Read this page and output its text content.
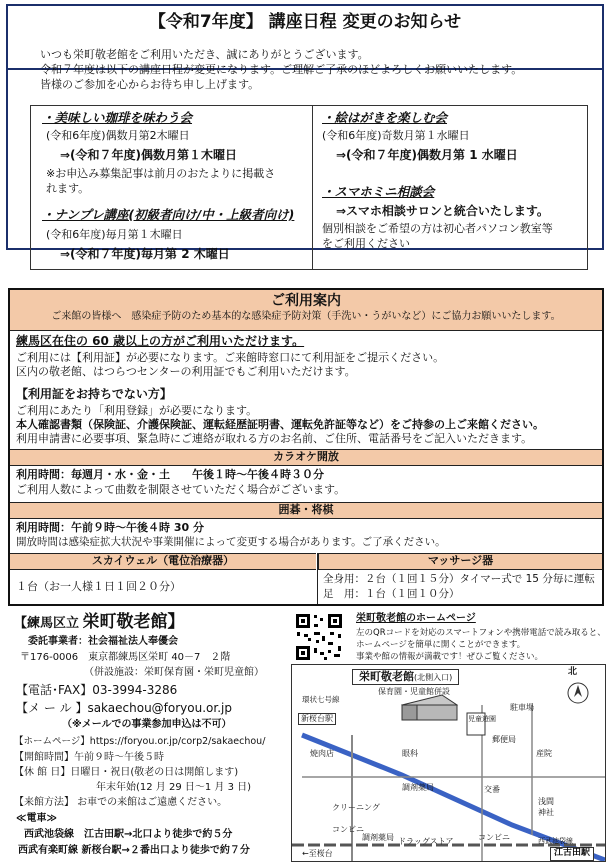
【令和7年度】 講座日程 変更のお知らせ
いつも栄町敬老館をご利用いただき、誠にありがとうございます。
令和７年度は以下の講座日程が変更になります。ご理解ご了承のほどよろしくお願いいたします。
皆様のご参加を心からお待ち申し上げます。
・美味しい珈琲を味わう会
(令和6年度)偶数月第2木曜日
⇒(令和７年度)偶数月第１木曜日
※お申込み募集記事は前月のおたよりに掲載さ
れます。
・ナンプレ講座(初級者向け/中・上級者向け)
(令和6年度)毎月第１木曜日
⇒(令和７年度)毎月第 2 木曜日
・絵はがきを楽しむ会
(令和6年度)奇数月第１水曜日
⇒(令和７年度)偶数月第 1 水曜日
・スマホミニ相談会
⇒スマホ相談サロンと統合いたします。
個別相談をご希望の方は初心者パソコン教室等
をご利用ください
ご利用案内
ご来館の皆様へ　感染症予防のため基本的な感染症予防対策（手洗い・うがいなど）にご協力お願いいたします。
練馬区在住の 60 歳以上の方がご利用いただけます。
ご利用には【利用証】が必要になります。ご来館時窓口にて利用証をご提示ください。
区内の敬老館、はつらつセンターの利用証でもご利用いただけます。
【利用証をお持ちでない方】
ご利用にあたり「利用登録」が必要になります。
本人確認書類（保険証、介護保険証、運転経歴証明書、運転免許証等など）をご持参の上ご来館ください。
利用申請書に必要事項、緊急時にご連絡が取れる方のお名前、ご住所、電話番号をご記入いただきます。
カラオケ開放
利用時間：毎週月・水・金・土　　午後１時～午後４時３０分
ご利用人数によって曲数を制限させていただく場合がございます。
囲碁・将棋
利用時間：午前９時～午後４時 30 分
開放時間は感染症拡大状況や事業開催によって変更する場合があります。ご了承ください。
スカイウェル（電位治療器）	マッサージ器
１台（お一人様１日１回２０分）
全身用：２台（１回１５分）タイマー式で 15 分毎に運転
足　用：１台（１回１０分）
【練馬区立 栄町敬老館】
委託事業者：社会福祉法人奉優会
〒176-0006　東京都練馬区栄町 40－7　２階
（併設施設：栄町保育園・栄町児童館）
【電話･FAX】03-3994-3286
【メ ー ル 】sakaechou@foryou.or.jp
（※メールでの事業参加申込は不可）
【ホームページ】https://foryou.or.jp/corp2/sakaechou/
【開館時間】午前９時～午後５時
【休 館 日】日曜日・祝日(敬老の日は開館します)
年末年始(12 月 29 日～1 月 3 日)
【来館方法】 お車での来館はご遠慮ください。
≪電車≫
西武池袋線　江古田駅→北口より徒歩で約５分
西武有楽町線 新桜台駅→２番出口より徒歩で約７分
栄町敬老館のホームページ
左のQRコードを対応のスマートフォンや携帯電話で読み取ると、
ホームページを簡単に開くことができます。
事業や館の情報が満載です！ぜひご覧ください。
栄町敬老館(北側入口)
保育園・児童館併設
環状七号線
新桜台駅
焼肉店
クリーニング
コンビニ
調剤薬局 ドラッグストア	コンビニ
浅間
神社
西武池袋線
江古田駅
←至桜台
駐車場
郵便局
産院
児童遊園
眼科
調剤薬局	交番
北
